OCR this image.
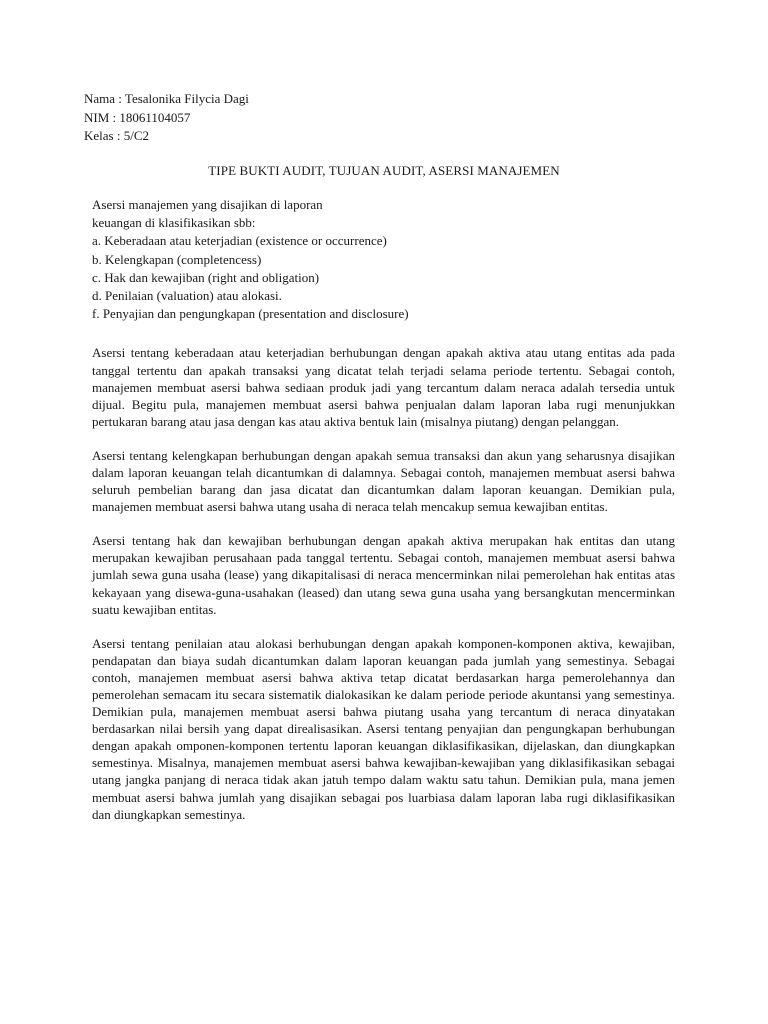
Nama : Tesalonika Filycia Dagi
NIM : 18061104057
Kelas : 5/C2
TIPE BUKTI AUDIT, TUJUAN AUDIT, ASERSI MANAJEMEN
Asersi manajemen yang disajikan di laporan
keuangan di klasifikasikan sbb:
a. Keberadaan atau keterjadian (existence or occurrence)
b. Kelengkapan (completencess)
c. Hak dan kewajiban (right and obligation)
d. Penilaian (valuation) atau alokasi.
f. Penyajian dan pengungkapan (presentation and disclosure)

Asersi tentang keberadaan atau keterjadian berhubungan dengan apakah aktiva atau utang entitas ada pada tanggal tertentu dan apakah transaksi yang dicatat telah terjadi selama periode tertentu. Sebagai contoh, manajemen membuat asersi bahwa sediaan produk jadi yang tercantum dalam neraca adalah tersedia untuk dijual. Begitu pula, manajemen membuat asersi bahwa penjualan dalam laporan laba rugi menunjukkan pertukaran barang atau jasa dengan kas atau aktiva bentuk lain (misalnya piutang) dengan pelanggan.

Asersi tentang kelengkapan berhubungan dengan apakah semua transaksi dan akun yang seharusnya disajikan dalam laporan keuangan telah dicantumkan di dalamnya. Sebagai contoh, manajemen membuat asersi bahwa seluruh pembelian barang dan jasa dicatat dan dicantumkan dalam laporan keuangan. Demikian pula, manajemen membuat asersi bahwa utang usaha di neraca telah mencakup semua kewajiban entitas.

Asersi tentang hak dan kewajiban berhubungan dengan apakah aktiva merupakan hak entitas dan utang merupakan kewajiban perusahaan pada tanggal tertentu. Sebagai contoh, manajemen membuat asersi bahwa jumlah sewa guna usaha (lease) yang dikapitalisasi di neraca mencerminkan nilai pemerolehan hak entitas atas kekayaan yang disewa-guna-usahakan (leased) dan utang sewa guna usaha yang bersangkutan mencerminkan suatu kewajiban entitas.

Asersi tentang penilaian atau alokasi berhubungan dengan apakah komponen-komponen aktiva, kewajiban, pendapatan dan biaya sudah dicantumkan dalam laporan keuangan pada jumlah yang semestinya. Sebagai contoh, manajemen membuat asersi bahwa aktiva tetap dicatat berdasarkan harga pemerolehannya dan pemerolehan semacam itu secara sistematik dialokasikan ke dalam periode periode akuntansi yang semestinya. Demikian pula, manajemen membuat asersi bahwa piutang usaha yang tercantum di neraca dinyatakan berdasarkan nilai bersih yang dapat direalisasikan. Asersi tentang penyajian dan pengungkapan berhubungan dengan apakah omponen-komponen tertentu laporan keuangan diklasifikasikan, dijelaskan, dan diungkapkan semestinya. Misalnya, manajemen membuat asersi bahwa kewajiban-kewajiban yang diklasifikasikan sebagai utang jangka panjang di neraca tidak akan jatuh tempo dalam waktu satu tahun. Demikian pula, mana jemen membuat asersi bahwa jumlah yang disajikan sebagai pos luarbiasa dalam laporan laba rugi diklasifikasikan dan diungkapkan semestinya.
